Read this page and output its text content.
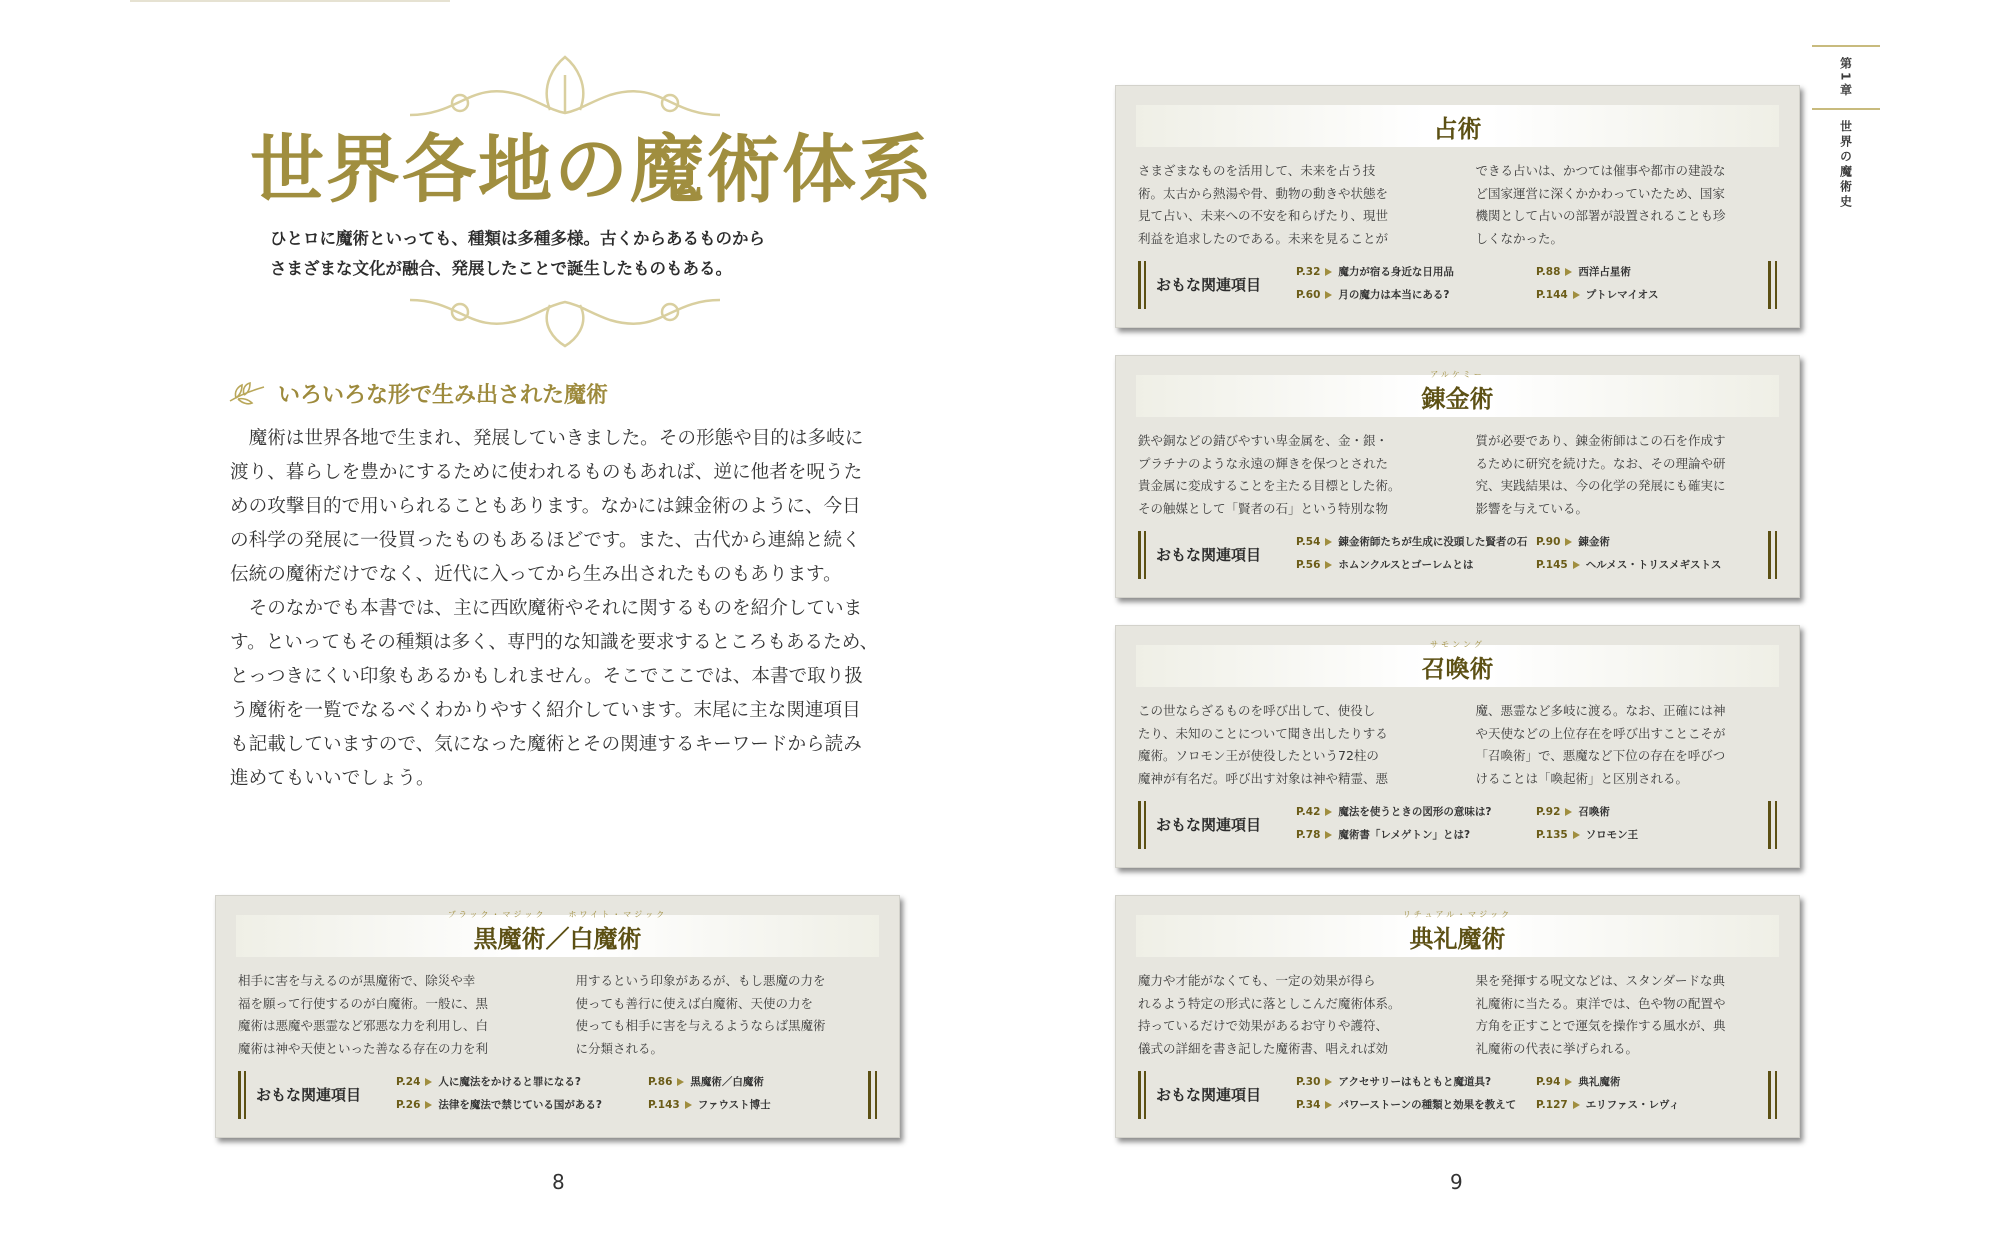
世界各地の魔術体系

ひとロに魔術といっても、種類は多種多様。古くからあるものから
さまざまな文化が融合、発展したことで誕生したものもある。

いろいろな形で生み出された魔術

　魔術は世界各地で生まれ、発展していきました。その形態や目的は多岐に

渡り、暮らしを豊かにするために使われるものもあれば、逆に他者を呪うた

めの攻撃目的で用いられることもあります。なかには錬金術のように、今日

の科学の発展に一役買ったものもあるほどです。また、古代から連綿と続く

伝統の魔術だけでなく、近代に入ってから生み出されたものもあります。

　そのなかでも本書では、主に西欧魔術やそれに関するものを紹介していま

す。といってもその種類は多く、専門的な知識を要求するところもあるため、

とっつきにくい印象もあるかもしれません。そこでここでは、本書で取り扱

う魔術を一覧でなるべくわかりやすく紹介しています。末尾に主な関連項目

も記載していますので、気になった魔術とその関連するキーワードから読み

進めてもいいでしょう。

8
第1章
世界の魔術史
占術
さまざまなものを活用して、未来を占う技
術。太古から熱湯や骨、動物の動きや状態を
見て占い、未来への不安を和らげたり、現世
利益を追求したのである。未来を見ることが
できる占いは、かつては催事や都市の建設な
ど国家運営に深くかかわっていたため、国家
機関として占いの部署が設置されることも珍
しくなかった。
おもな関連項目
P.32 魔力が宿る身近な日用品
P.60 月の魔力は本当にある?
P.88 西洋占星術
P.144 プトレマイオス
アルケミー
錬金術
鉄や銅などの錆びやすい卑金属を、金・銀・
プラチナのような永遠の輝きを保つとされた
貴金属に変成することを主たる目標とした術。
その触媒として「賢者の石」という特別な物
質が必要であり、錬金術師はこの石を作成す
るために研究を続けた。なお、その理論や研
究、実践結果は、今の化学の発展にも確実に
影響を与えている。
おもな関連項目
P.54 錬金術師たちが生成に没頭した賢者の石
P.56 ホムンクルスとゴーレムとは
P.90 錬金術
P.145 ヘルメス・トリスメギストス
サモンング
召喚術
この世ならざるものを呼び出して、使役し
たり、未知のことについて聞き出したりする
魔術。ソロモン王が使役したという72柱の
魔神が有名だ。呼び出す対象は神や精霊、悪
魔、悪霊など多岐に渡る。なお、正確には神
や天使などの上位存在を呼び出すことこそが
「召喚術」で、悪魔など下位の存在を呼びつ
けることは「喚起術」と区別される。
おもな関連項目
P.42 魔法を使うときの図形の意味は?
P.78 魔術書「レメゲトン」とは?
P.92 召喚術
P.135 ソロモン王
リチュアル・マジック
典礼魔術
魔力や才能がなくても、一定の効果が得ら
れるよう特定の形式に落としこんだ魔術体系。
持っているだけで効果があるお守りや護符、
儀式の詳細を書き記した魔術書、唱えれば効
果を発揮する呪文などは、スタンダードな典
礼魔術に当たる。東洋では、色や物の配置や
方角を正すことで運気を操作する風水が、典
礼魔術の代表に挙げられる。
おもな関連項目
P.30 アクセサリーはもともと魔道具?
P.34 パワーストーンの種類と効果を教えて
P.94 典礼魔術
P.127 エリファス・レヴィ
ブラック・マジック　　ホワイト・マジック
黒魔術／白魔術
相手に害を与えるのが黒魔術で、除災や幸
福を願って行使するのが白魔術。一般に、黒
魔術は悪魔や悪霊など邪悪な力を利用し、白
魔術は神や天使といった善なる存在の力を利
用するという印象があるが、もし悪魔の力を
使っても善行に使えば白魔術、天使の力を
使っても相手に害を与えるようならば黒魔術
に分類される。
おもな関連項目
P.24 人に魔法をかけると罪になる?
P.26 法律を魔法で禁じている国がある?
P.86 黒魔術／白魔術
P.143 ファウスト博士
9
